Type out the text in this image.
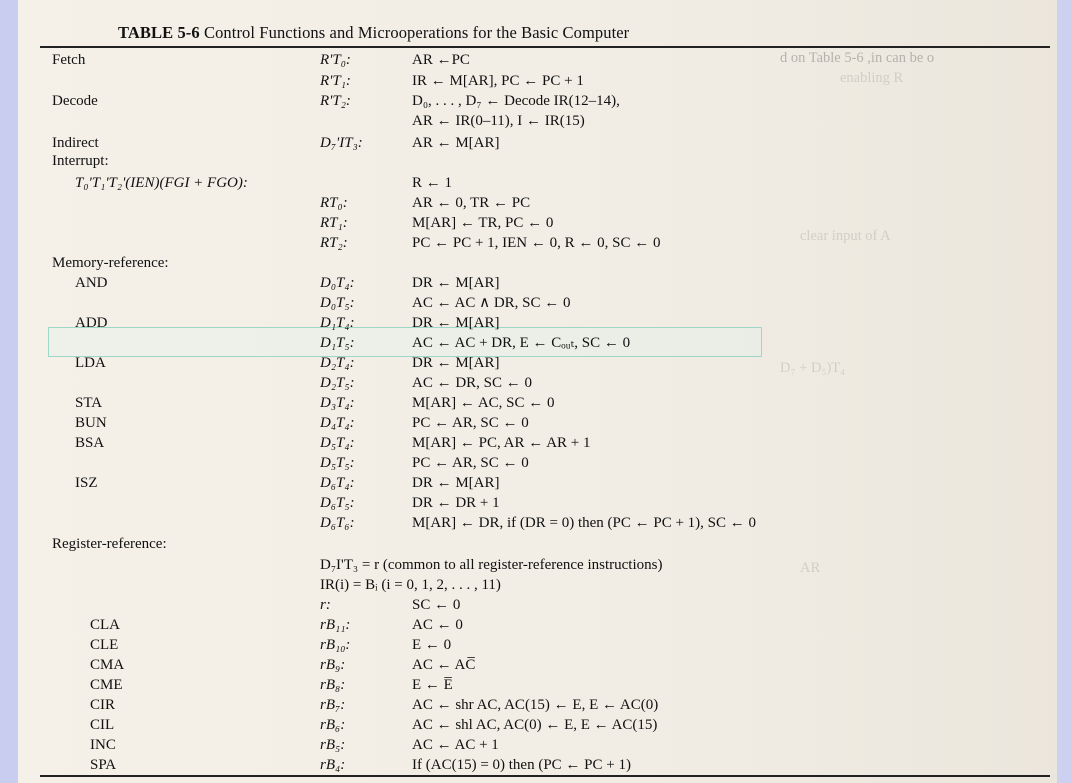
d on Table 5-6 ,in can be o
enabling R
clear input of A
D₇ + D₅)T₄
AR
TABLE 5-6 Control Functions and Microoperations for the Basic Computer
Fetch	R'T₀:	AR ←PC
R'T₁:	IR ← M[AR], PC ← PC + 1
Decode	R'T₂:	D₀, . . . , D₇ ← Decode IR(12–14),
AR ← IR(0–11), I ← IR(15)
Indirect	D₇'IT₃:	AR ← M[AR]
Interrupt:
T₀'T₁'T₂'(IEN)(FGI + FGO):	R ← 1
RT₀:	AR ← 0, TR ← PC
RT₁:	M[AR] ← TR, PC ← 0
RT₂:	PC ← PC + 1, IEN ← 0, R ← 0, SC ← 0
Memory-reference:
AND	D₀T₄:	DR ← M[AR]
D₀T₅:	AC ← AC ∧ DR, SC ← 0
ADD	D₁T₄:	DR ← M[AR]
D₁T₅:	AC ← AC + DR, E ← Cₒᵤₜ, SC ← 0
LDA	D₂T₄:	DR ← M[AR]
D₂T₅:	AC ← DR, SC ← 0
STA	D₃T₄:	M[AR] ← AC, SC ← 0
BUN	D₄T₄:	PC ← AR, SC ← 0
BSA	D₅T₄:	M[AR] ← PC, AR ← AR + 1
D₅T₅:	PC ← AR, SC ← 0
ISZ	D₆T₄:	DR ← M[AR]
D₆T₅:	DR ← DR + 1
D₆T₆:	M[AR] ← DR, if (DR = 0) then (PC ← PC + 1), SC ← 0
Register-reference:
D₇I'T₃ = r (common to all register-reference instructions)
IR(i) = Bᵢ (i = 0, 1, 2, . . . , 11)
r:	SC ← 0
CLA	rB₁₁:	AC ← 0
CLE	rB₁₀:	E ← 0
CMA	rB₉:	AC ← AC̅
CME	rB₈:	E ← E̅
CIR	rB₇:	AC ← shr AC, AC(15) ← E, E ← AC(0)
CIL	rB₆:	AC ← shl AC, AC(0) ← E, E ← AC(15)
INC	rB₅:	AC ← AC + 1
SPA	rB₄:	If (AC(15) = 0) then (PC ← PC + 1)
